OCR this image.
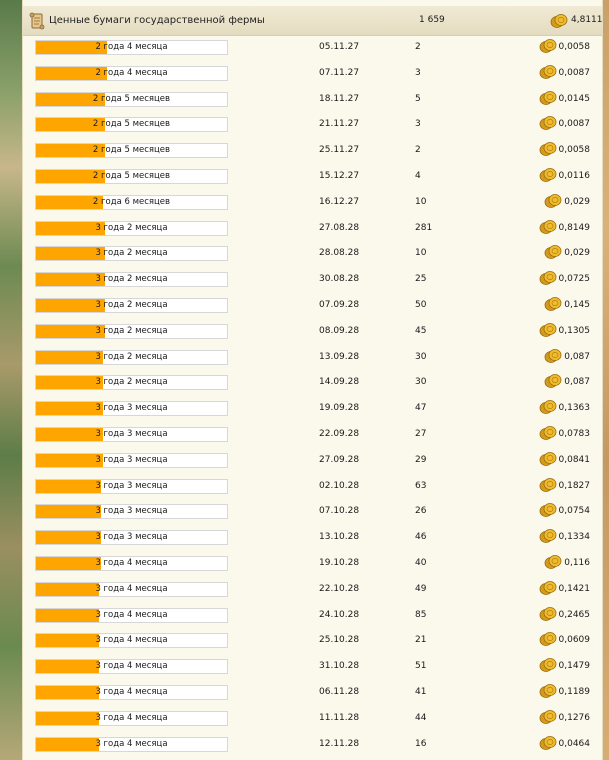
Ценные бумаги государственной фермы	1 659	4,8111
2 года 4 месяца	05.11.27	2	0,0058
2 года 4 месяца	07.11.27	3	0,0087
2 года 5 месяцев	18.11.27	5	0,0145
2 года 5 месяцев	21.11.27	3	0,0087
2 года 5 месяцев	25.11.27	2	0,0058
2 года 5 месяцев	15.12.27	4	0,0116
2 года 6 месяцев	16.12.27	10	0,029
3 года 2 месяца	27.08.28	281	0,8149
3 года 2 месяца	28.08.28	10	0,029
3 года 2 месяца	30.08.28	25	0,0725
3 года 2 месяца	07.09.28	50	0,145
3 года 2 месяца	08.09.28	45	0,1305
3 года 2 месяца	13.09.28	30	0,087
3 года 2 месяца	14.09.28	30	0,087
3 года 3 месяца	19.09.28	47	0,1363
3 года 3 месяца	22.09.28	27	0,0783
3 года 3 месяца	27.09.28	29	0,0841
3 года 3 месяца	02.10.28	63	0,1827
3 года 3 месяца	07.10.28	26	0,0754
3 года 3 месяца	13.10.28	46	0,1334
3 года 4 месяца	19.10.28	40	0,116
3 года 4 месяца	22.10.28	49	0,1421
3 года 4 месяца	24.10.28	85	0,2465
3 года 4 месяца	25.10.28	21	0,0609
3 года 4 месяца	31.10.28	51	0,1479
3 года 4 месяца	06.11.28	41	0,1189
3 года 4 месяца	11.11.28	44	0,1276
3 года 4 месяца	12.11.28	16	0,0464
